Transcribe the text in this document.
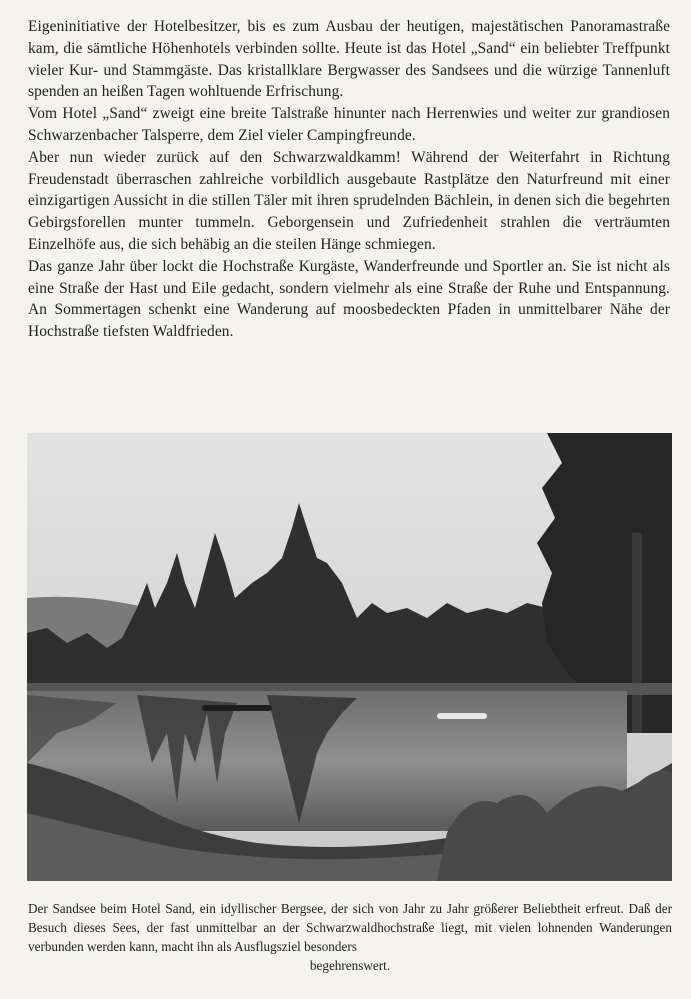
Eigeninitiative der Hotelbesitzer, bis es zum Ausbau der heutigen, majestätischen Panoramastraße kam, die sämtliche Höhenhotels verbinden sollte. Heute ist das Hotel „Sand“ ein beliebter Treffpunkt vieler Kur- und Stammgäste. Das kristallklare Bergwasser des Sandsees und die würzige Tannenluft spenden an heißen Tagen wohltuende Erfrischung.

Vom Hotel „Sand“ zweigt eine breite Talstraße hinunter nach Herrenwies und weiter zur grandiosen Schwarzenbacher Talsperre, dem Ziel vieler Campingfreunde.

Aber nun wieder zurück auf den Schwarzwaldkamm! Während der Weiterfahrt in Richtung Freudenstadt überraschen zahlreiche vorbildlich ausgebaute Rastplätze den Naturfreund mit einer einzigartigen Aussicht in die stillen Täler mit ihren sprudelnden Bächlein, in denen sich die begehrten Gebirgsforellen munter tummeln. Geborgensein und Zufriedenheit strahlen die verträumten Einzelhöfe aus, die sich behäbig an die steilen Hänge schmiegen.

Das ganze Jahr über lockt die Hochstraße Kurgäste, Wanderfreunde und Sportler an. Sie ist nicht als eine Straße der Hast und Eile gedacht, sondern vielmehr als eine Straße der Ruhe und Entspannung. An Sommertagen schenkt eine Wanderung auf moosbedeckten Pfaden in unmittelbarer Nähe der Hochstraße tiefsten Waldfrieden.

Der Sandsee beim Hotel Sand, ein idyllischer Bergsee, der sich von Jahr zu Jahr größerer Beliebtheit erfreut. Daß der Besuch dieses Sees, der fast unmittelbar an der Schwarzwaldhochstraße liegt, mit vielen lohnenden Wanderungen verbunden werden kann, macht ihn als Ausflugsziel besonders
begehrenswert.
